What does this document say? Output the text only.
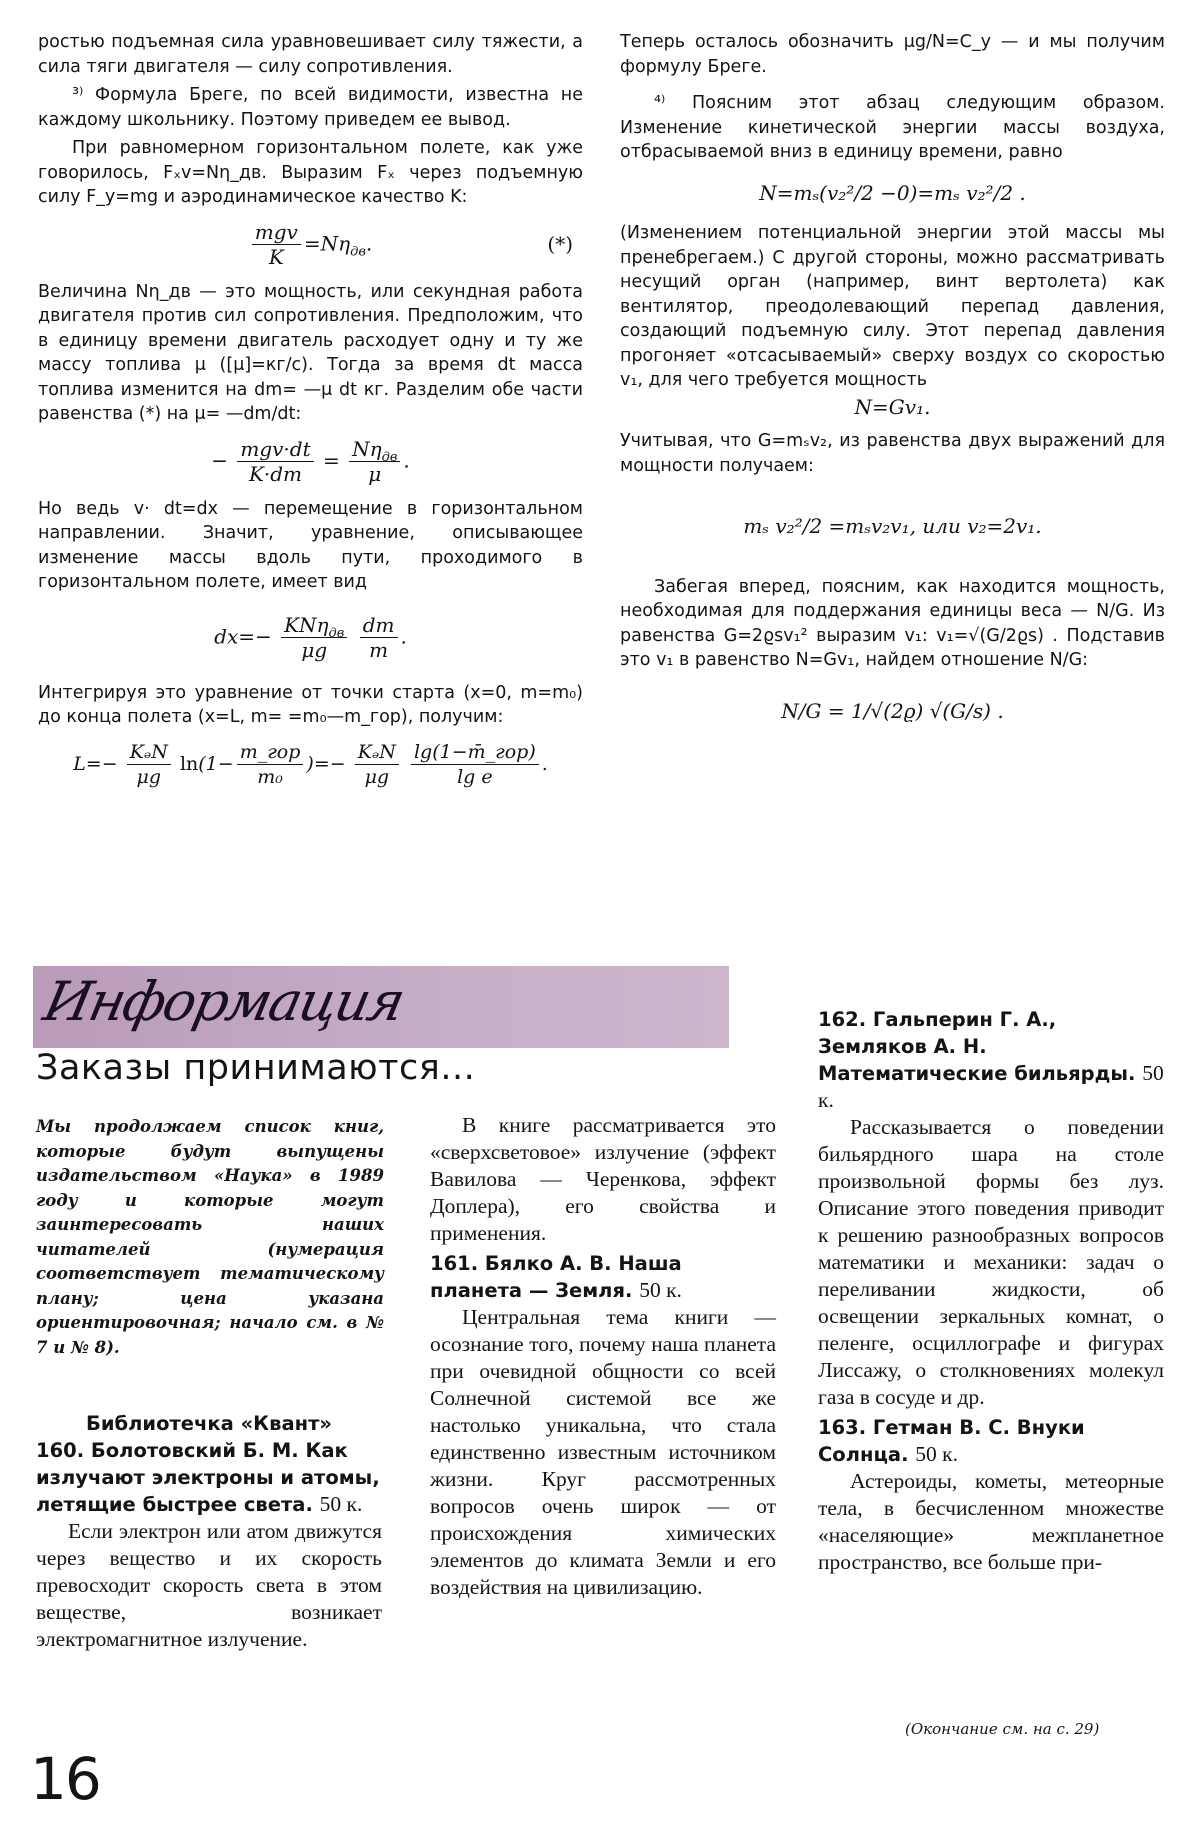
ростью подъемная сила уравновешивает силу тяжести, а сила тяги двигателя — силу сопротивления.

³⁾ Формула Бреге, по всей видимости, известна не каждому школьнику. Поэтому приведем ее вывод.

При равномерном горизонтальном полете, как уже говорилось, Fₓv=Nη_дв. Выразим Fₓ через подъемную силу F_y=mg и аэродинамическое качество K:

$\frac{\text{mgv}}{K} =N\eta_{дв}$.	(*)

Величина Nη_дв — это мощность, или секундная работа двигателя против сил сопротивления. Предположим, что в единицу времени двигатель расходует одну и ту же массу топлива μ ([μ]=кг/с). Тогда за время dt масса топлива изменится на dm= —μ dt кг. Разделим обе части равенства (*) на μ= —dm/dt:

− $\frac{\text{mgv·dt}}{K\cdot dm} = \frac{N\eta_{дв}}{\mu}$ .

Но ведь v· dt=dx — перемещение в горизонтальном направлении. Значит, уравнение, описывающее изменение массы вдоль пути, проходимого в горизонтальном полете, имеет вид

$dx=- \frac{KN\eta_{дв}}{\mu g}$
$\frac{dm}{m}$ .

Интегрируя это уравнение от точки старта (x=0, m=m₀) до конца полета (x=L, m= =m₀—m_гор), получим:

$L=- \frac{\text{KₔN}}{\mu g} \ln(1- \frac{\text{m\_гор}}{\text{m₀}}$ )=− $\frac{\text{KₔN}}{\mu g}$
$\frac{\text{lg(1−m̄\_гор)}}{\text{lg e}}$ .

Теперь осталось обозначить μg/N=C_y — и мы получим формулу Бреге.

⁴⁾ Поясним этот абзац следующим образом. Изменение кинетической энергии массы воздуха, отбрасываемой вниз в единицу времени, равно

N=mₛ(v₂²/2 −0)=mₛ v₂²/2 .

(Изменением потенциальной энергии этой массы мы пренебрегаем.) С другой стороны, можно рассматривать несущий орган (например, винт вертолета) как вентилятор, преодолевающий перепад давления, создающий подъемную силу. Этот перепад давления прогоняет «отсасываемый» сверху воздух со скоростью v₁, для чего требуется мощность

N=Gv₁.

Учитывая, что G=mₛv₂, из равенства двух выражений для мощности получаем:

mₛ v₂²/2 =mₛv₂v₁, или v₂=2v₁.

Забегая вперед, поясним, как находится мощность, необходимая для поддержания единицы веса — N/G. Из равенства G=2ϱsv₁² выразим v₁: v₁=√(G/2ϱs) . Подставив это v₁ в равенство N=Gv₁, найдем отношение N/G:

N/G = 1/√(2ϱ) √(G/s) .
Информация
Заказы принимаются...
Мы продолжаем список книг, которые будут выпущены издательством «Наука» в 1989 году и которые могут заинтересовать наших читателей (нумерация соответствует тематическому плану; цена указана ориентировочная; начало см. в № 7 и № 8).
Библиотечка «Квант»
160. Болотовский Б. М. Как излучают электроны и атомы, летящие быстрее света. 50 к.

Если электрон или атом движутся через вещество и их скорость превосходит скорость света в этом веществе, возникает электромагнитное излучение.

В книге рассматривается это «сверхсветовое» излучение (эффект Вавилова — Черенкова, эффект Доплера), его свойства и применения.

161. Бялко А. В. Наша планета — Земля. 50 к.

Центральная тема книги — осознание того, почему наша планета при очевидной общности со всей Солнечной системой все же настолько уникальна, что стала единственно известным источником жизни. Круг рассмотренных вопросов очень широк — от происхождения химических элементов до климата Земли и его воздействия на цивилизацию.

162. Гальперин Г. А., Земляков А. Н. Математические бильярды. 50 к.

Рассказывается о поведении бильярдного шара на столе произвольной формы без луз. Описание этого поведения приводит к решению разнообразных вопросов математики и механики: задач о переливании жидкости, об освещении зеркальных комнат, о пеленге, осциллографе и фигурах Лиссажу, о столкновениях молекул газа в сосуде и др.

163. Гетман В. С. Внуки Солнца. 50 к.

Астероиды, кометы, метеорные тела, в бесчисленном множестве «населяющие» межпланетное пространство, все больше при-

(Окончание см. на с. 29)
16
